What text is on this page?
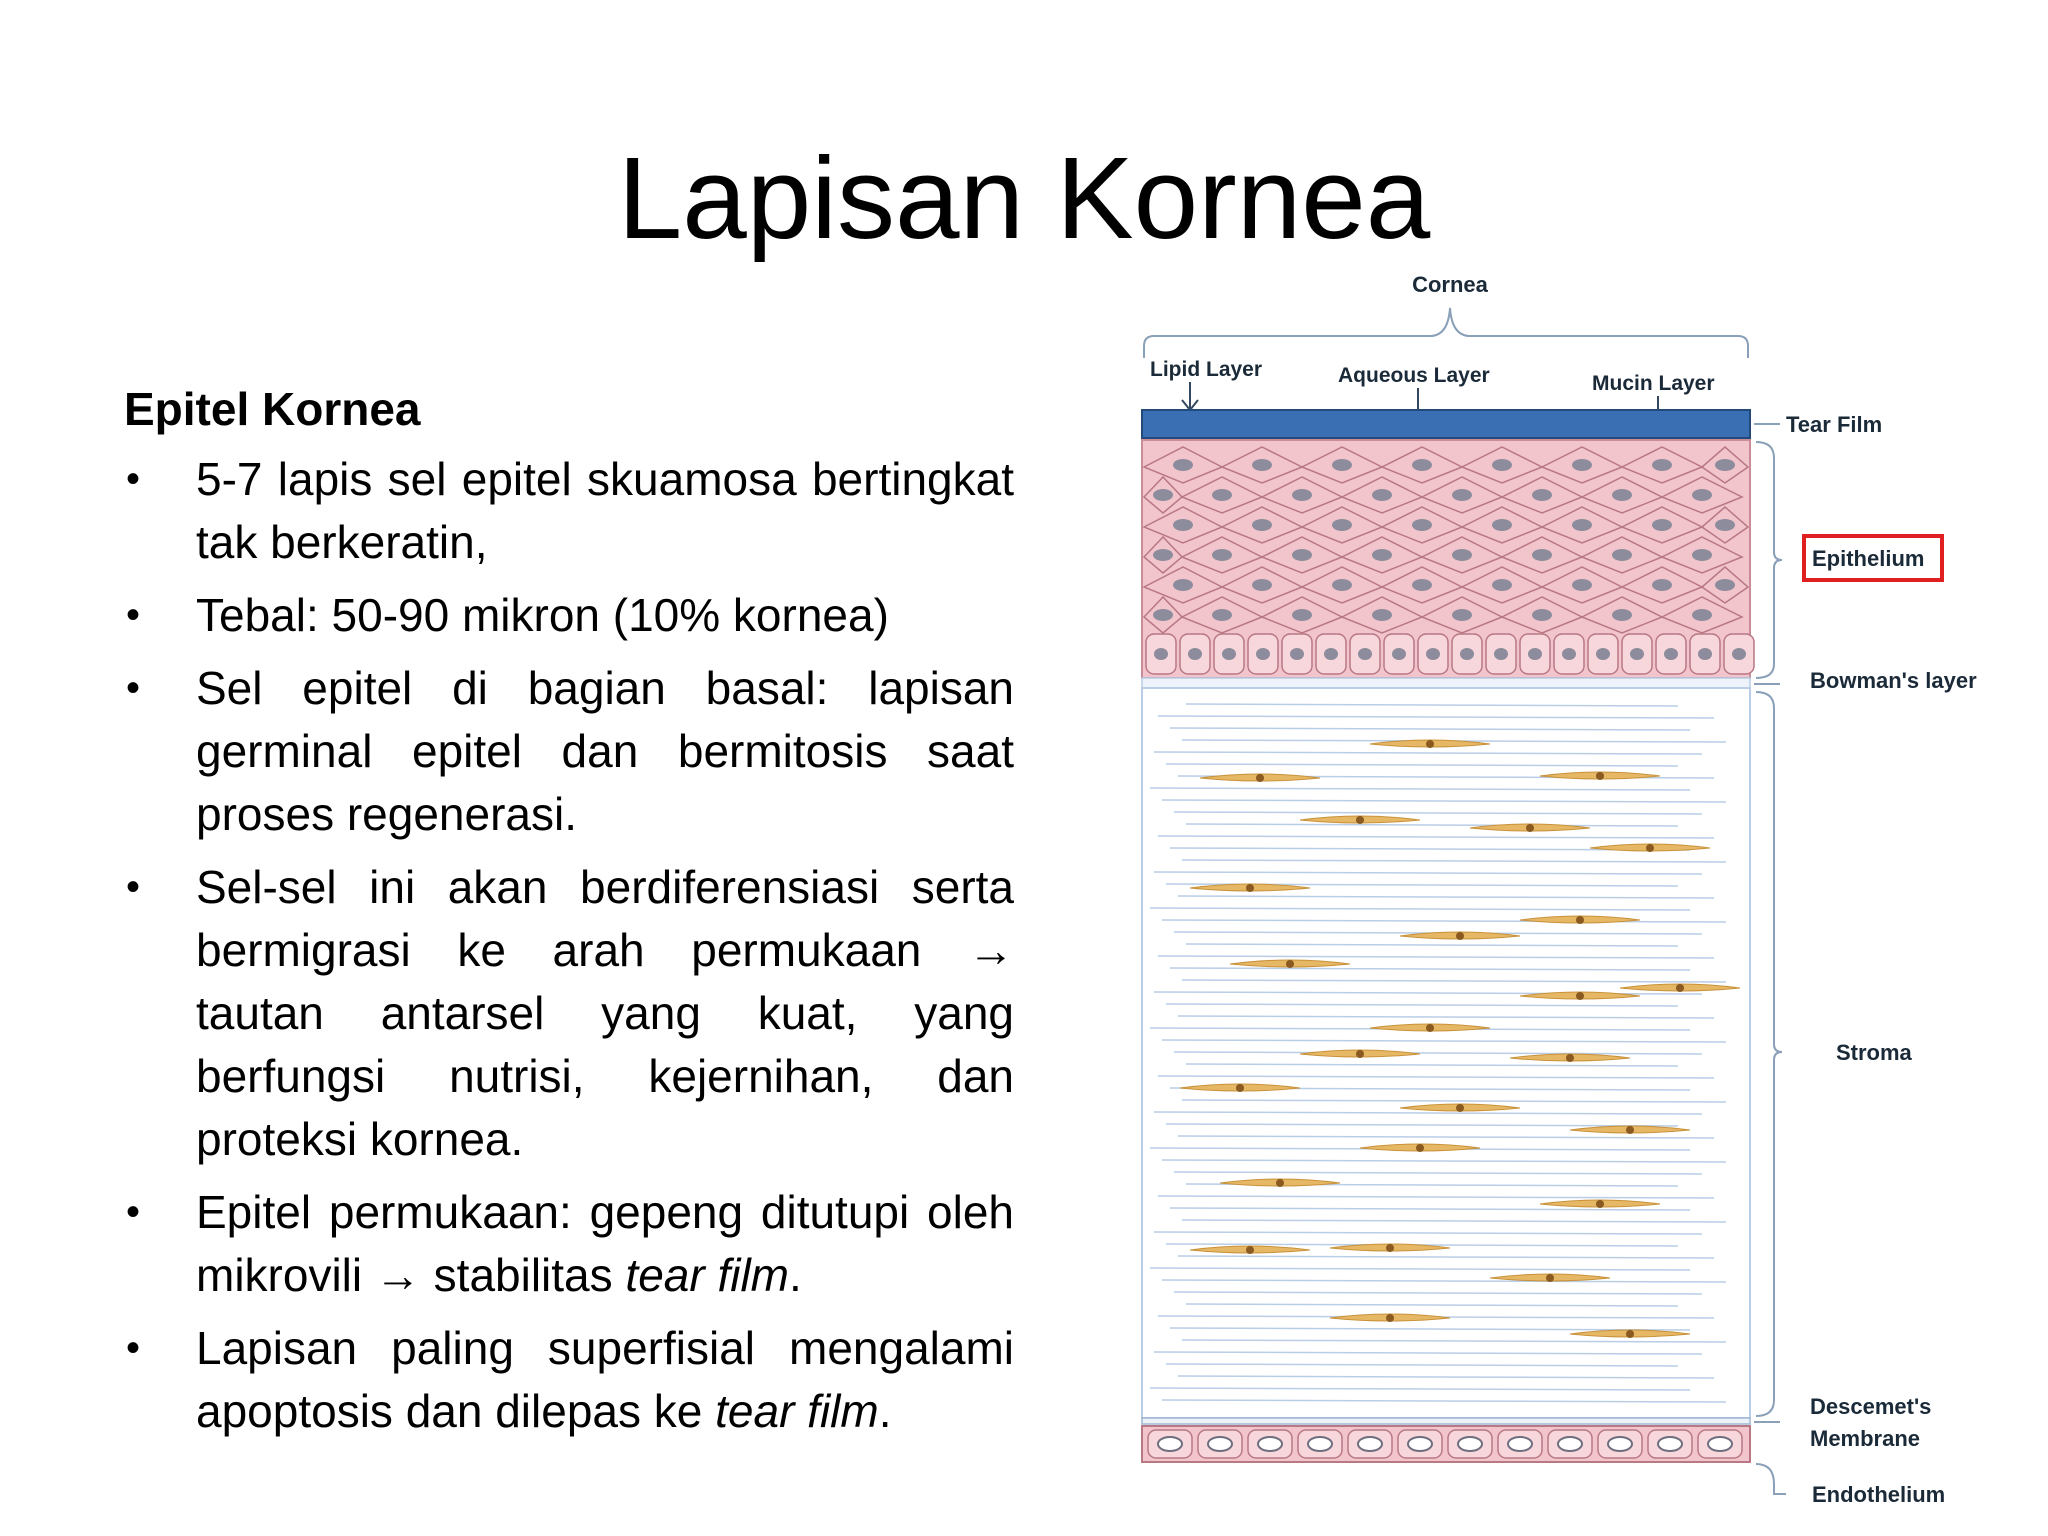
Lapisan Kornea
Epitel Kornea
• 5-7 lapis sel epitel skuamosa bertingkat tak berkeratin,
• Tebal: 50-90 mikron (10% kornea)
• Sel epitel di bagian basal: lapisan germinal epitel dan bermitosis saat proses regenerasi.
• Sel-sel ini akan berdiferensiasi serta bermigrasi ke arah permukaan → tautan antarsel yang kuat, yang berfungsi nutrisi, kejernihan, dan proteksi kornea.
• Epitel permukaan: gepeng ditutupi oleh mikrovili → stabilitas tear film.
• Lapisan paling superfisial mengalami apoptosis dan dilepas ke tear film.
Cornea
Lipid Layer	Aqueous Layer	Mucin Layer
Tear Film
Epithelium
Bowman's layer
Stroma
Descemet's
Membrane
Endothelium
